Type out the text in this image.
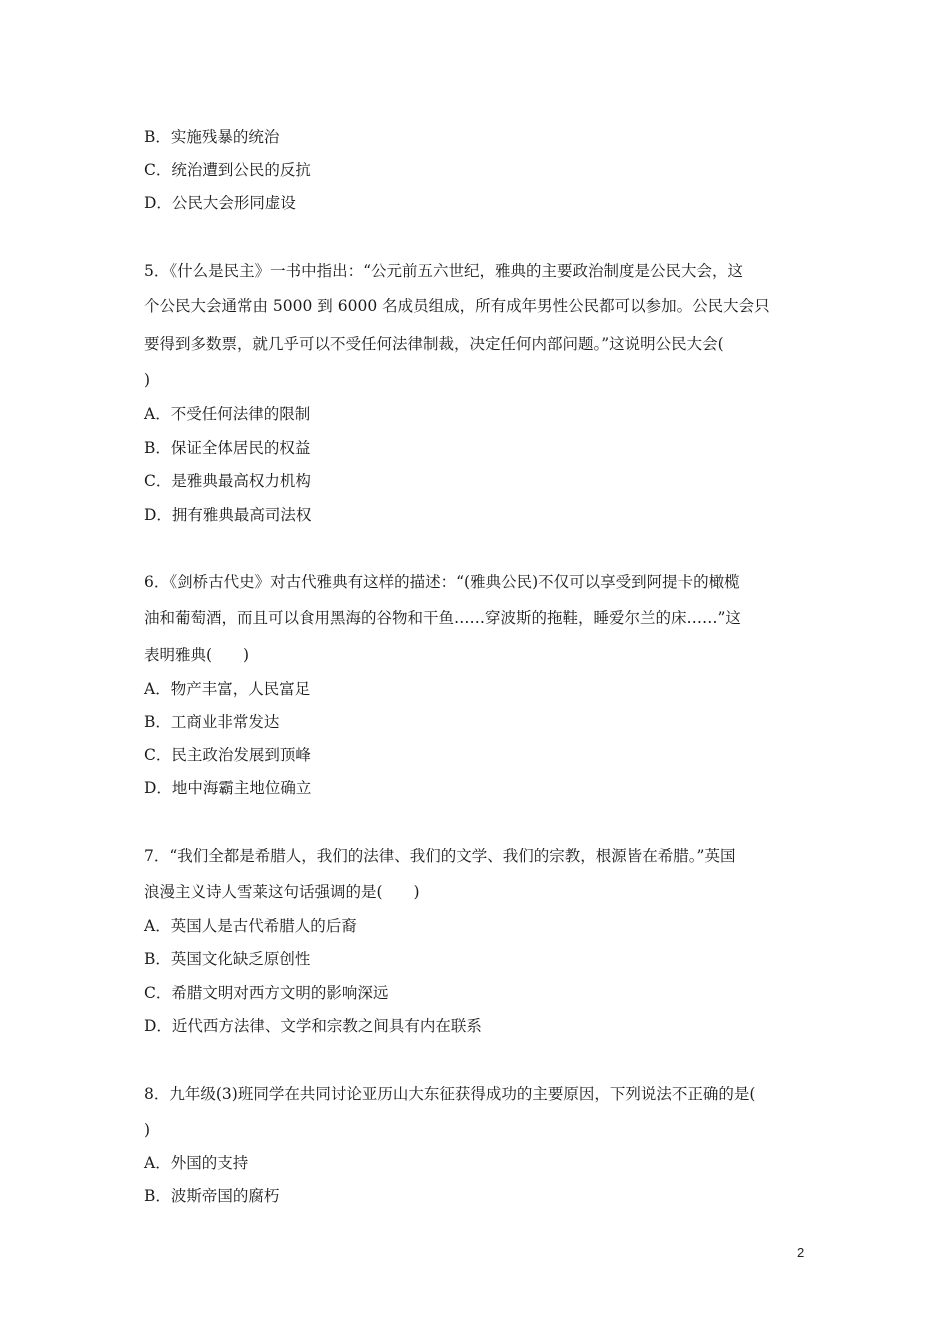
B．实施残暴的统治
C．统治遭到公民的反抗
D．公民大会形同虚设
5．《什么是民主》一书中指出：“公元前五六世纪，雅典的主要政治制度是公民大会，这
个公民大会通常由 5000 到 6000 名成员组成，所有成年男性公民都可以参加。公民大会只
要得到多数票，就几乎可以不受任何法律制裁，决定任何内部问题。”这说明公民大会(
)
A．不受任何法律的限制
B．保证全体居民的权益
C．是雅典最高权力机构
D．拥有雅典最高司法权
6．《剑桥古代史》对古代雅典有这样的描述：“(雅典公民)不仅可以享受到阿提卡的橄榄
油和葡萄酒，而且可以食用黑海的谷物和干鱼……穿波斯的拖鞋，睡爱尔兰的床……”这
表明雅典(　　)
A．物产丰富，人民富足
B．工商业非常发达
C．民主政治发展到顶峰
D．地中海霸主地位确立
7．“我们全都是希腊人，我们的法律、我们的文学、我们的宗教，根源皆在希腊。”英国
浪漫主义诗人雪莱这句话强调的是(　　)
A．英国人是古代希腊人的后裔
B．英国文化缺乏原创性
C．希腊文明对西方文明的影响深远
D．近代西方法律、文学和宗教之间具有内在联系
8．九年级(3)班同学在共同讨论亚历山大东征获得成功的主要原因，下列说法不正确的是(
)
A．外国的支持
B．波斯帝国的腐朽
2
